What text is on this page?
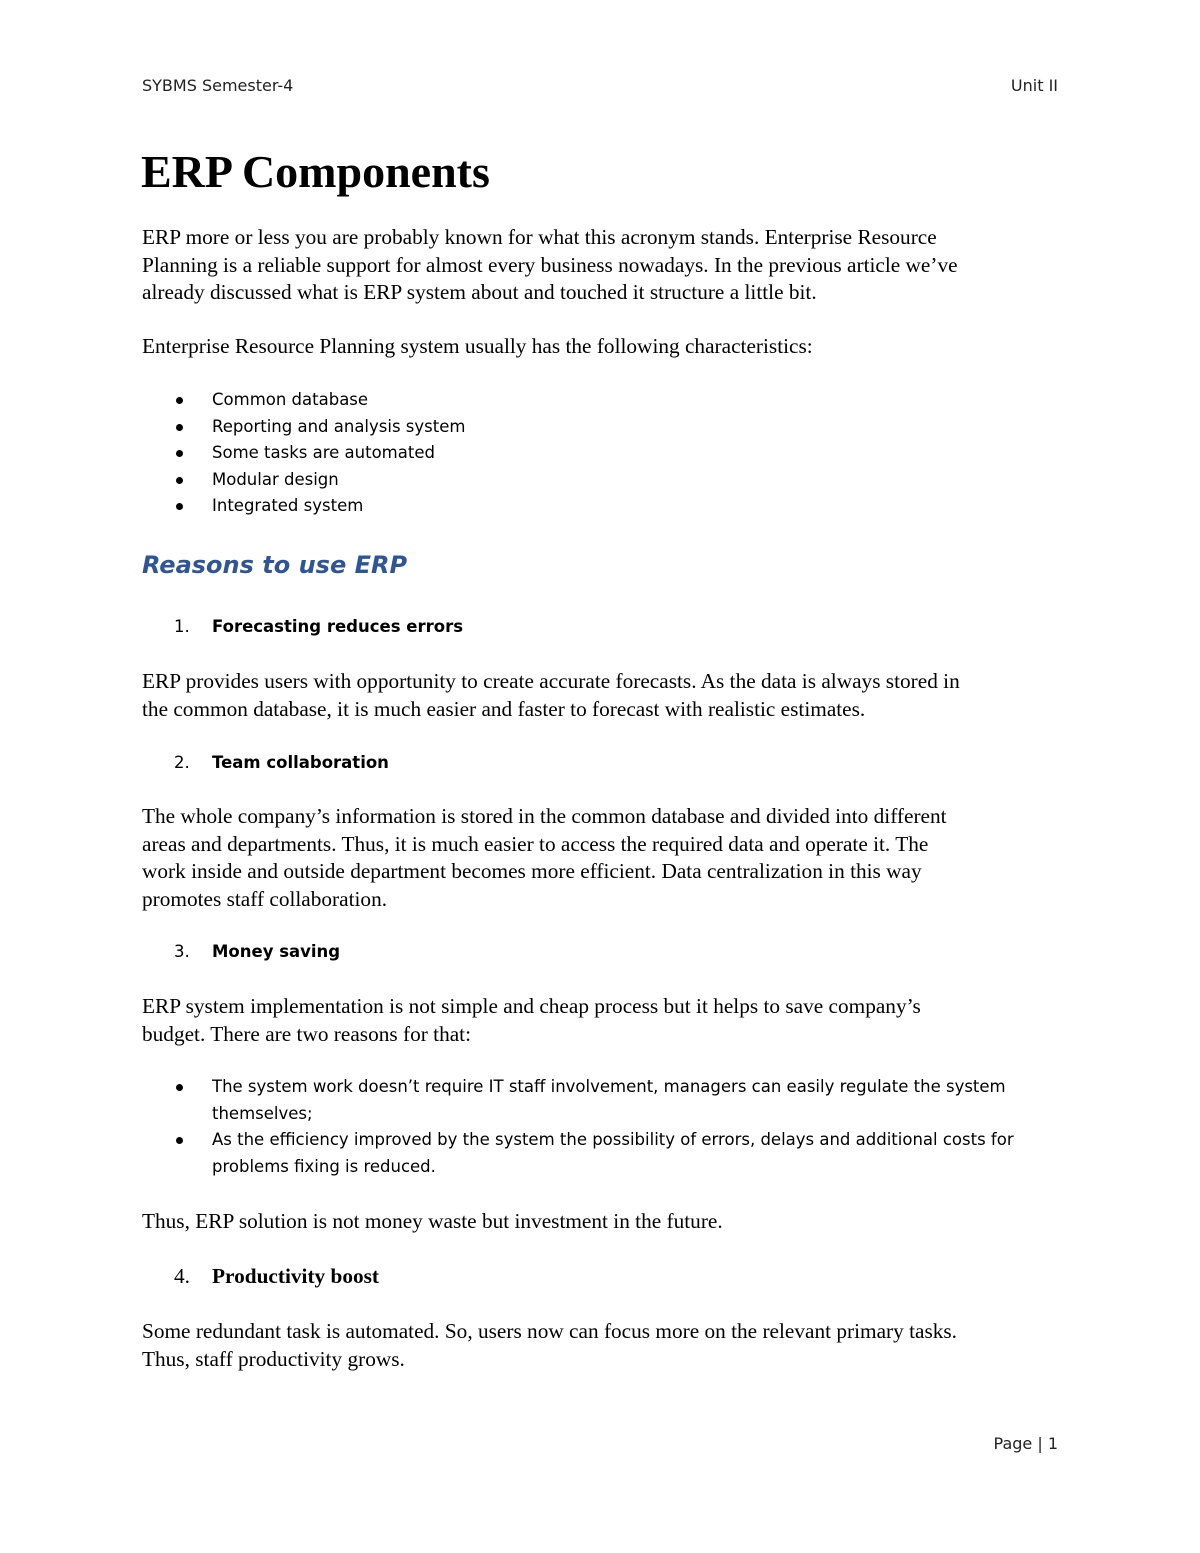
SYBMS Semester-4	Unit II
ERP Components

ERP more or less you are probably known for what this acronym stands. Enterprise Resource
Planning is a reliable support for almost every business nowadays. In the previous article we’ve
already discussed what is ERP system about and touched it structure a little bit.

Enterprise Resource Planning system usually has the following characteristics:

Common database
Reporting and analysis system
Some tasks are automated
Modular design
Integrated system
Reasons to use ERP
1. Forecasting reduces errors

ERP provides users with opportunity to create accurate forecasts. As the data is always stored in
the common database, it is much easier and faster to forecast with realistic estimates.

2. Team collaboration

The whole company’s information is stored in the common database and divided into different
areas and departments. Thus, it is much easier to access the required data and operate it. The
work inside and outside department becomes more efficient. Data centralization in this way
promotes staff collaboration.

3. Money saving

ERP system implementation is not simple and cheap process but it helps to save company’s
budget. There are two reasons for that:

The system work doesn’t require IT staff involvement, managers can easily regulate the system
themselves;
As the efficiency improved by the system the possibility of errors, delays and additional costs for
problems fixing is reduced.

Thus, ERP solution is not money waste but investment in the future.

4. Productivity boost

Some redundant task is automated. So, users now can focus more on the relevant primary tasks.
Thus, staff productivity grows.

Page | 1
